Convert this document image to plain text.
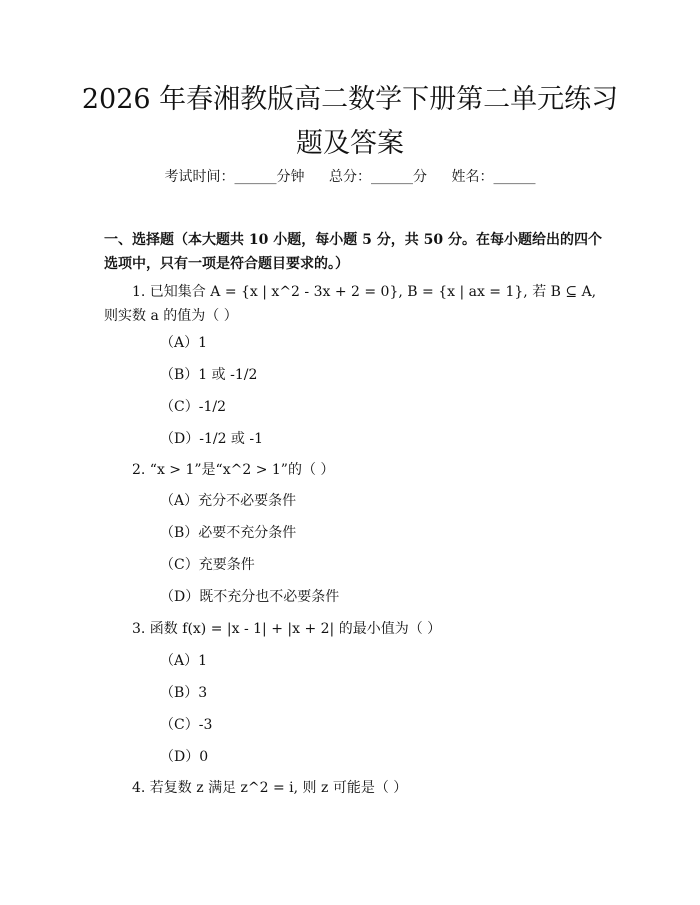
2026 年春湘教版高二数学下册第二单元练习题及答案
考试时间：______分钟 总分：______分 姓名：______

一、选择题（本大题共 10 小题，每小题 5 分，共 50 分。在每小题给出的四个选项中，只有一项是符合题目要求的。）

1. 已知集合 A = {x | x^2 - 3x + 2 = 0}, B = {x | ax = 1}, 若 B ⊆ A, 则实数 a 的值为（ ）
（A）1
（B）1 或 -1/2
（C）-1/2
（D）-1/2 或 -1
2. “x > 1”是“x^2 > 1”的（ ）
（A）充分不必要条件
（B）必要不充分条件
（C）充要条件
（D）既不充分也不必要条件
3. 函数 f(x) = |x - 1| + |x + 2| 的最小值为（ ）
（A）1
（B）3
（C）-3
（D）0
4. 若复数 z 满足 z^2 = i, 则 z 可能是（ ）
